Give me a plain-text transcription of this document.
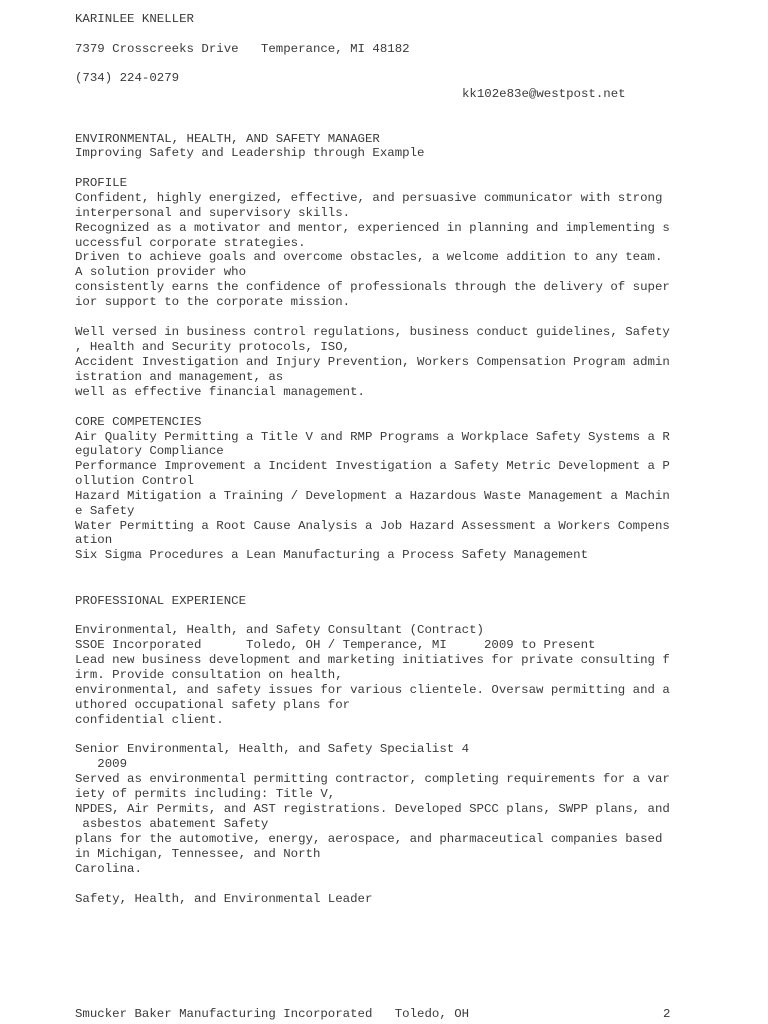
KARINLEE KNELLER

7379 Crosscreeks Drive   Temperance, MI 48182

(734) 224-0279

kk102e83e@westpost.net

ENVIRONMENTAL, HEALTH, AND SAFETY MANAGER

Improving Safety and Leadership through Example

PROFILE

Confident, highly energized, effective, and persuasive communicator with strong

interpersonal and supervisory skills.

Recognized as a motivator and mentor, experienced in planning and implementing s

uccessful corporate strategies.

Driven to achieve goals and overcome obstacles, a welcome addition to any team.

A solution provider who

consistently earns the confidence of professionals through the delivery of super

ior support to the corporate mission.

Well versed in business control regulations, business conduct guidelines, Safety

, Health and Security protocols, ISO,

Accident Investigation and Injury Prevention, Workers Compensation Program admin

istration and management, as

well as effective financial management.

CORE COMPETENCIES

Air Quality Permitting a Title V and RMP Programs a Workplace Safety Systems a R

egulatory Compliance

Performance Improvement a Incident Investigation a Safety Metric Development a P

ollution Control

Hazard Mitigation a Training / Development a Hazardous Waste Management a Machin

e Safety

Water Permitting a Root Cause Analysis a Job Hazard Assessment a Workers Compens

ation

Six Sigma Procedures a Lean Manufacturing a Process Safety Management

PROFESSIONAL EXPERIENCE

Environmental, Health, and Safety Consultant (Contract)

SSOE Incorporated      Toledo, OH / Temperance, MI     2009 to Present

Lead new business development and marketing initiatives for private consulting f

irm. Provide consultation on health,

environmental, and safety issues for various clientele. Oversaw permitting and a

uthored occupational safety plans for

confidential client.

Senior Environmental, Health, and Safety Specialist 4

2009

Served as environmental permitting contractor, completing requirements for a var

iety of permits including: Title V,

NPDES, Air Permits, and AST registrations. Developed SPCC plans, SWPP plans, and

asbestos abatement Safety

plans for the automotive, energy, aerospace, and pharmaceutical companies based

in Michigan, Tennessee, and North

Carolina.

Safety, Health, and Environmental Leader

Smucker Baker Manufacturing Incorporated   Toledo, OH	2
